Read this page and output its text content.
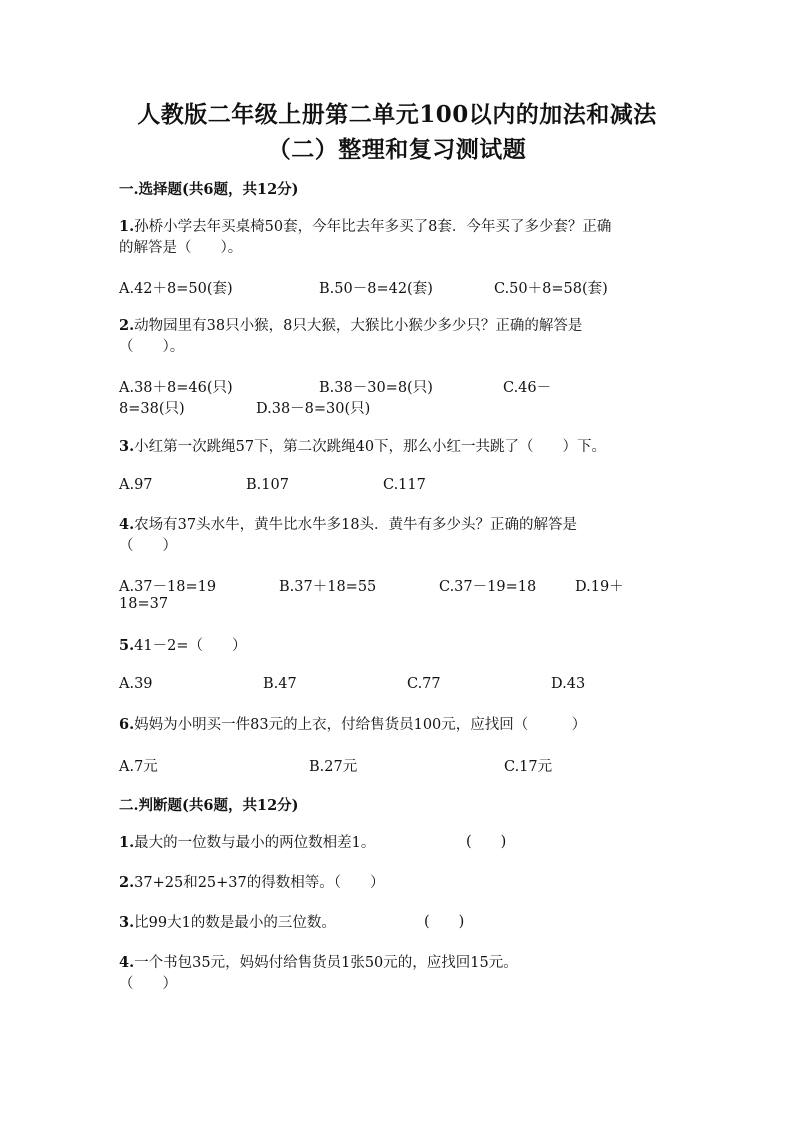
人教版二年级上册第二单元100以内的加法和减法
（二）整理和复习测试题
一.选择题(共6题，共12分)
1.孙桥小学去年买桌椅50套，今年比去年多买了8套．今年买了多少套？正确
的解答是（　　）。
A.42＋8=50(套)	B.50－8=42(套)	C.50＋8=58(套)
2.动物园里有38只小猴，8只大猴，大猴比小猴少多少只？正确的解答是
（　　）。
A.38＋8=46(只)	B.38－30=8(只)	C.46－
8=38(只)	D.38－8=30(只)
3.小红第一次跳绳57下，第二次跳绳40下，那么小红一共跳了（　　）下。
A.97	B.107	C.117
4.农场有37头水牛，黄牛比水牛多18头．黄牛有多少头？正确的解答是
（　　）
A.37－18=19	B.37＋18=55	C.37－19=18	D.19＋
18=37
5.41－2=（　　）
A.39	B.47	C.77	D.43
6.妈妈为小明买一件83元的上衣，付给售货员100元，应找回（　　　）
A.7元	B.27元	C.17元
二.判断题(共6题，共12分)
1.最大的一位数与最小的两位数相差1。	(　　)
2.37+25和25+37的得数相等。（　　）
3.比99大1的数是最小的三位数。	(　　)
4.一个书包35元，妈妈付给售货员1张50元的，应找回15元。
（　　）
